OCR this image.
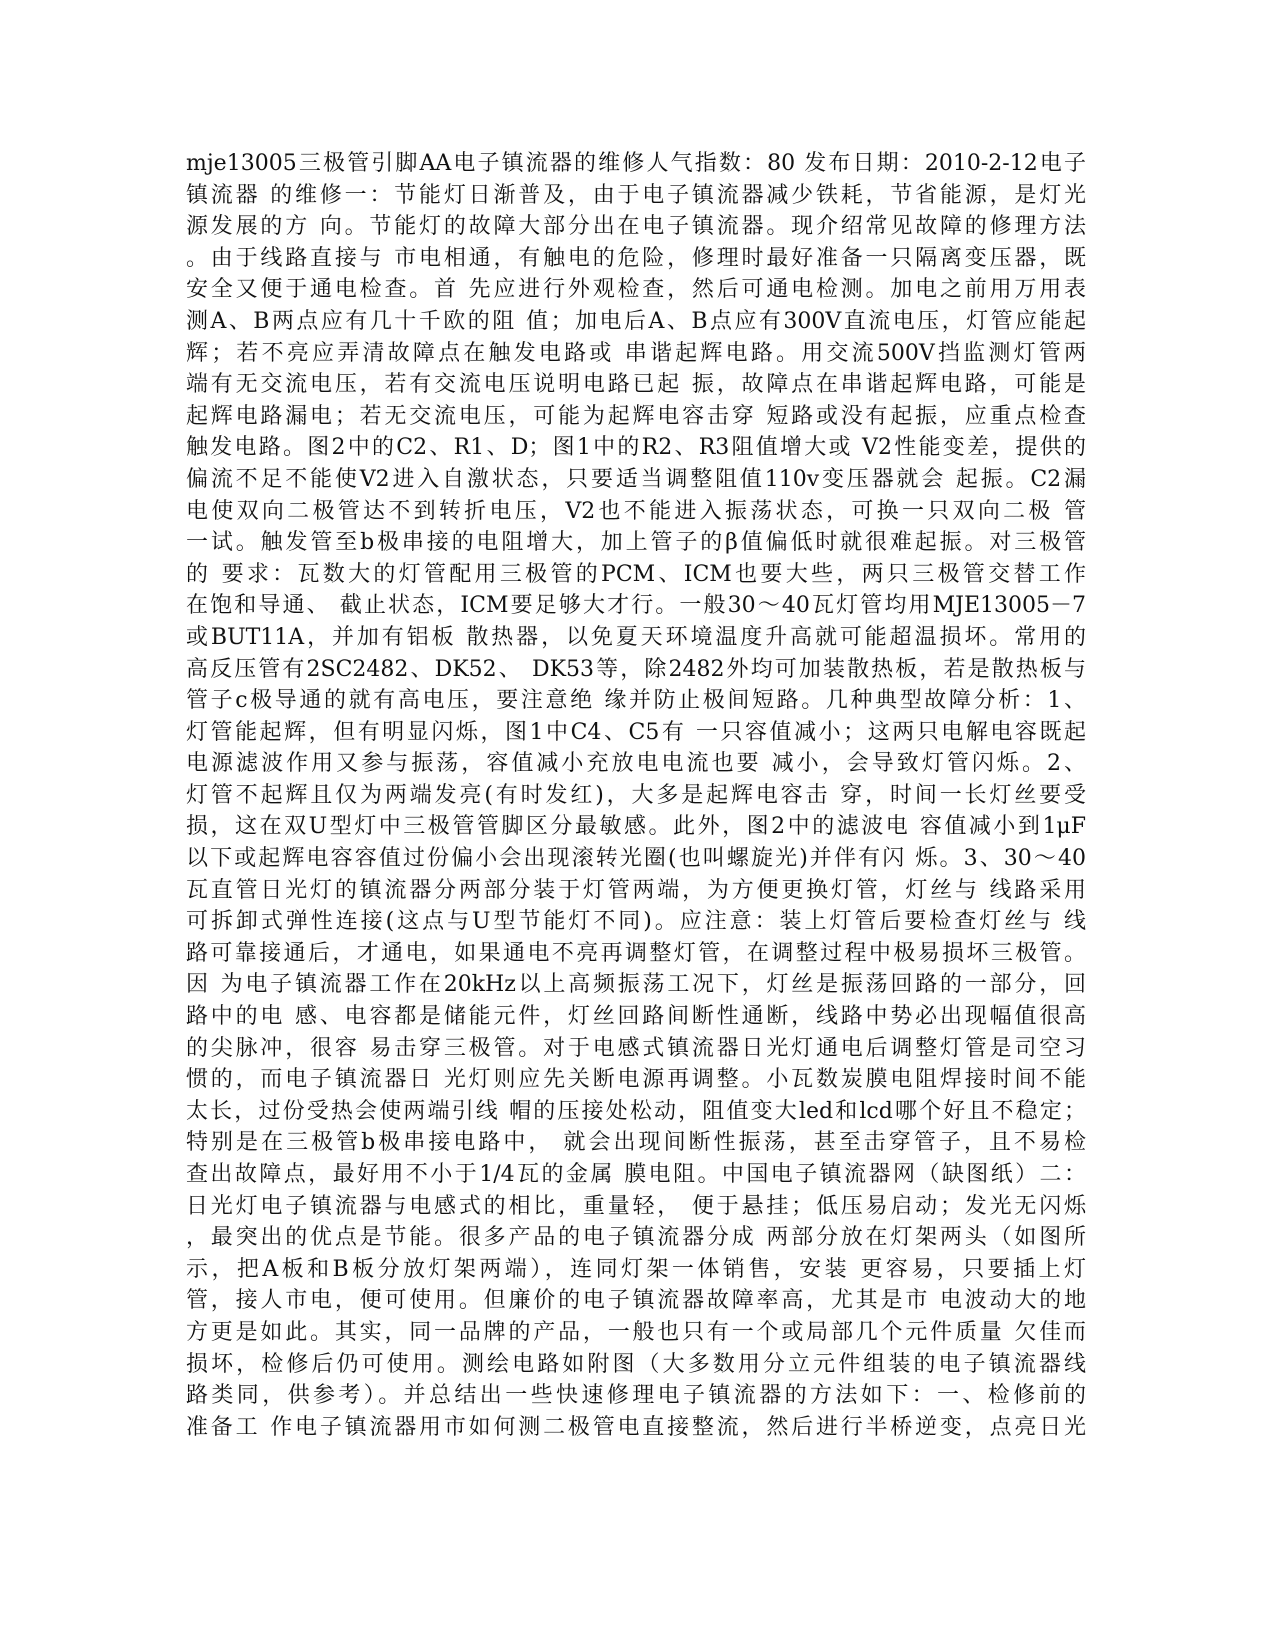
mje13005三极管引脚AA电子镇流器的维修人气指数：80 发布日期：2010-2-12电子
镇流器 的维修一：节能灯日渐普及，由于电子镇流器减少铁耗，节省能源，是灯光
源发展的方 向。节能灯的故障大部分出在电子镇流器。现介绍常见故障的修理方法
。由于线路直接与 市电相通，有触电的危险，修理时最好准备一只隔离变压器，既
安全又便于通电检查。首 先应进行外观检查，然后可通电检测。加电之前用万用表
测A、B两点应有几十千欧的阻 值；加电后A、B点应有300V直流电压，灯管应能起
辉；若不亮应弄清故障点在触发电路或 串谐起辉电路。用交流500V挡监测灯管两
端有无交流电压，若有交流电压说明电路已起 振，故障点在串谐起辉电路，可能是
起辉电路漏电；若无交流电压，可能为起辉电容击穿 短路或没有起振，应重点检查
触发电路。图2中的C2、R1、D；图1中的R2、R3阻值增大或 V2性能变差，提供的
偏流不足不能使V2进入自激状态，只要适当调整阻值110v变压器就会 起振。C2漏
电使双向二极管达不到转折电压，V2也不能进入振荡状态，可换一只双向二极 管
一试。触发管至b极串接的电阻增大，加上管子的β值偏低时就很难起振。对三极管
的 要求：瓦数大的灯管配用三极管的PCM、ICM也要大些，两只三极管交替工作
在饱和导通、 截止状态，ICM要足够大才行。一般30～40瓦灯管均用MJE13005－7
或BUT11A，并加有铝板 散热器，以免夏天环境温度升高就可能超温损坏。常用的
高反压管有2SC2482、DK52、 DK53等，除2482外均可加装散热板，若是散热板与
管子c极导通的就有高电压，要注意绝 缘并防止极间短路。几种典型故障分析：1、
灯管能起辉，但有明显闪烁，图1中C4、C5有 一只容值减小；这两只电解电容既起
电源滤波作用又参与振荡，容值减小充放电电流也要 减小，会导致灯管闪烁。2、
灯管不起辉且仅为两端发亮(有时发红)，大多是起辉电容击 穿，时间一长灯丝要受
损，这在双U型灯中三极管管脚区分最敏感。此外，图2中的滤波电 容值减小到1μF
以下或起辉电容容值过份偏小会出现滚转光圈(也叫螺旋光)并伴有闪 烁。3、30～40
瓦直管日光灯的镇流器分两部分装于灯管两端，为方便更换灯管，灯丝与 线路采用
可拆卸式弹性连接(这点与U型节能灯不同)。应注意：装上灯管后要检查灯丝与 线
路可靠接通后，才通电，如果通电不亮再调整灯管，在调整过程中极易损坏三极管。
因 为电子镇流器工作在20kHz以上高频振荡工况下，灯丝是振荡回路的一部分，回
路中的电 感、电容都是储能元件，灯丝回路间断性通断，线路中势必出现幅值很高
的尖脉冲，很容 易击穿三极管。对于电感式镇流器日光灯通电后调整灯管是司空习
惯的，而电子镇流器日 光灯则应先关断电源再调整。小瓦数炭膜电阻焊接时间不能
太长，过份受热会使两端引线 帽的压接处松动，阻值变大led和lcd哪个好且不稳定；
特别是在三极管b极串接电路中， 就会出现间断性振荡，甚至击穿管子，且不易检
查出故障点，最好用不小于1/4瓦的金属 膜电阻。中国电子镇流器网（缺图纸）二：
日光灯电子镇流器与电感式的相比，重量轻， 便于悬挂；低压易启动；发光无闪烁
，最突出的优点是节能。很多产品的电子镇流器分成 两部分放在灯架两头（如图所
示，把A板和B板分放灯架两端），连同灯架一体销售，安装 更容易，只要插上灯
管，接人市电，便可使用。但廉价的电子镇流器故障率高，尤其是市 电波动大的地
方更是如此。其实，同一品牌的产品，一般也只有一个或局部几个元件质量 欠佳而
损坏，检修后仍可使用。测绘电路如附图（大多数用分立元件组装的电子镇流器线
路类同，供参考）。并总结出一些快速修理电子镇流器的方法如下：一、检修前的
准备工 作电子镇流器用市如何测二极管电直接整流，然后进行半桥逆变，点亮日光
